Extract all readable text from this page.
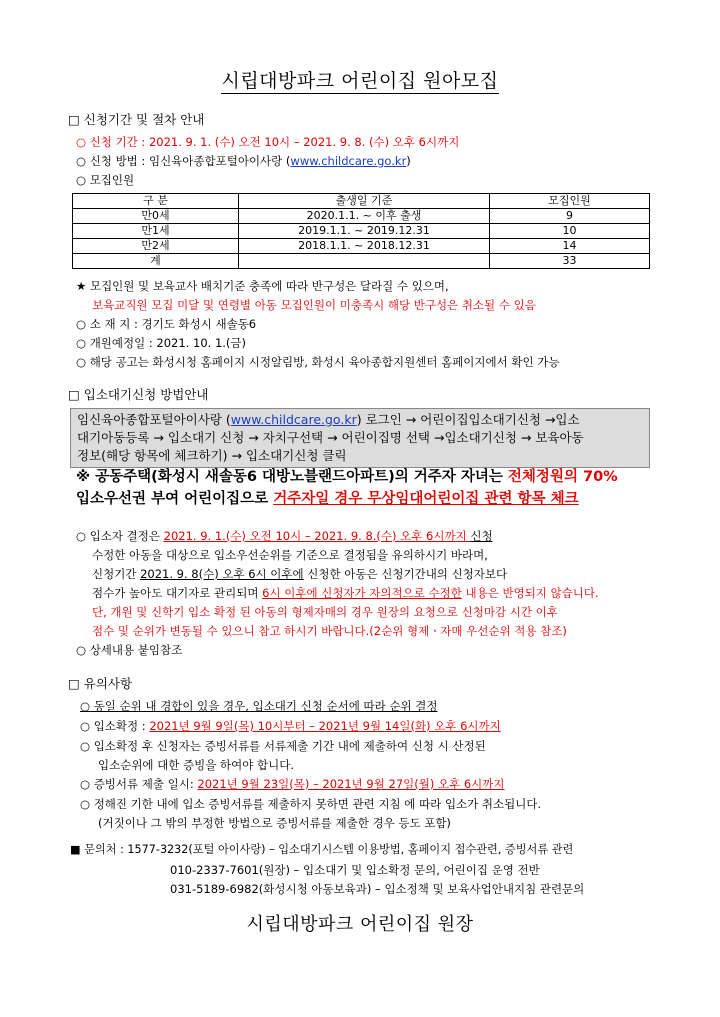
시립대방파크 어린이집 원아모집
□ 신청기간 및 절차 안내
○ 신청 기간 : 2021. 9. 1. (수) 오전 10시 – 2021. 9. 8. (수) 오후 6시까지
○ 신청 방법 : 임신육아종합포털아이사랑 (www.childcare.go.kr)
○ 모집인원
구 분	출생일 기준	모집인원
만0세	2020.1.1. ~ 이후 출생	9
만1세	2019.1.1. ~ 2019.12.31	10
만2세	2018.1.1. ~ 2018.12.31	14
계		33
★ 모집인원 및 보육교사 배치기준 충족에 따라 반구성은 달라질 수 있으며,
보육교직원 모집 미달 및 연령별 아동 모집인원이 미충족시 해당 반구성은 취소될 수 있음
○ 소 재 지 : 경기도 화성시 새솔동6
○ 개원예정일 : 2021. 10. 1.(금)
○ 해당 공고는 화성시청 홈페이지 시정알림방, 화성시 육아종합지원센터 홈페이지에서 확인 가능
□ 입소대기신청 방법안내
임신육아종합포털아이사랑 (www.childcare.go.kr) 로그인 → 어린이집입소대기신청 →입소
대기아동등록 → 입소대기 신청 → 자치구선택 → 어린이집명 선택 →입소대기신청 → 보육아동
정보(해당 항목에 체크하기) → 입소대기신청 클릭
※ 공동주택(화성시 새솔동6 대방노블랜드아파트)의 거주자 자녀는 전체정원의 70%
입소우선권 부여 어린이집으로 거주자일 경우 무상임대어린이집 관련 항목 체크
○ 입소자 결정은 2021. 9. 1.(수) 오전 10시 – 2021. 9. 8.(수) 오후 6시까지 신청
수정한 아동을 대상으로 입소우선순위를 기준으로 결정됨을 유의하시기 바라며,
신청기간 2021. 9. 8(수) 오후 6시 이후에 신청한 아동은 신청기간내의 신청자보다
점수가 높아도 대기자로 관리되며 6시 이후에 신청자가 자의적으로 수정한 내용은 반영되지 않습니다.
단, 개원 및 신학기 입소 확정 된 아동의 형제자매의 경우 원장의 요청으로 신청마감 시간 이후
점수 및 순위가 변동될 수 있으니 참고 하시기 바랍니다.(2순위 형제ㆍ자매 우선순위 적용 참조)
○ 상세내용 붙임참조
□ 유의사항
○ 동일 순위 내 경합이 있을 경우, 입소대기 신청 순서에 따라 순위 결정
○ 입소확정 : 2021년 9월 9일(목) 10시부터 – 2021년 9월 14일(화) 오후 6시까지
○ 입소확정 후 신청자는 증빙서류를 서류제출 기간 내에 제출하여 신청 시 산정된
입소순위에 대한 증빙을 하여야 합니다.
○ 증빙서류 제출 일시: 2021년 9월 23일(목) – 2021년 9월 27일(월) 오후 6시까지
○ 정해진 기한 내에 입소 증빙서류를 제출하지 못하면 관련 지침 에 따라 입소가 취소됩니다.
(거짓이나 그 밖의 부정한 방법으로 증빙서류를 제출한 경우 등도 포함)
■ 문의처 : 1577-3232(포털 아이사랑) – 입소대기시스템 이용방법, 홈페이지 접수관련, 증빙서류 관련
010-2337-7601(원장) – 입소대기 및 입소확정 문의, 어린이집 운영 전반
031-5189-6982(화성시청 아동보육과) – 입소정책 및 보육사업안내지침 관련문의
시립대방파크 어린이집 원장
